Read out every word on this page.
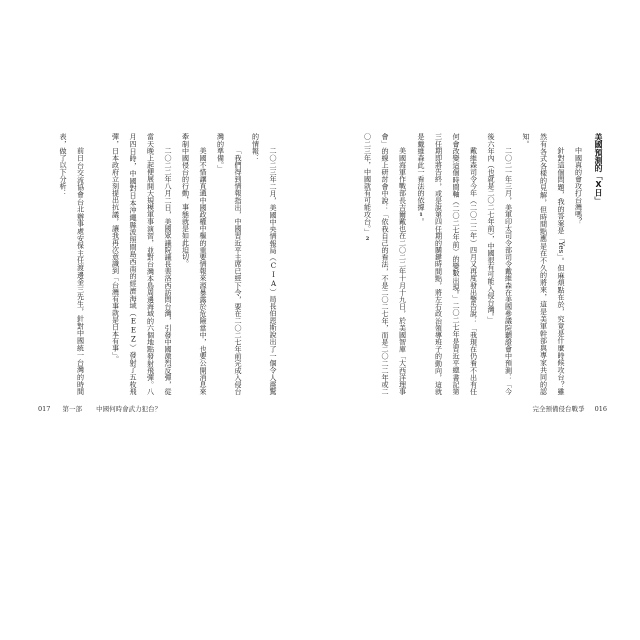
美國預測的「X日」

中國真的會攻打台灣嗎？

針對這個問題，我的答案是「Yes」。但麻煩點在於，究竟是什麼時候攻台？雖然有各式各樣的見解，但時間點應是在不久的將來，這是美軍幹部與專家共同的認知。

二〇二一年三月，美軍印太司令部司令戴維森在美國參議院聽證會中預測：「今後六年內（也就是二〇二七年前），中國很有可能入侵台灣。」

戴維森司令今年（二〇二二年）四月又再度發出警告說：「我現在仍看不出有任何會改變這個時間軸（二〇二七年前）的變數出現。」二〇二七年是習近平總書記第三任期即將告終，或是說第四任期的關鍵時間點，將左右政治領導班子的動向，這就是戴維森此一看法的依據1。

美國海軍作戰部長吉爾戴也在二〇二二年十月十九日，於美國智庫「大西洋理事會」的線上研討會中說：「依我自己的看法，不是二〇二七年，而是二〇二二年或二〇二三年，中國就有可能攻台。」2

二〇二三年二月，美國中央情報局（CIA）局長伯恩斯說出了一個令人震驚的情報：

「我們得到情報指出，中國習近平主席已經下令，要在二〇二七年前完成入侵台灣的準備。」

美國不惜讓直通中國政權中樞的重要情報來源暴露於危險當中，也要公開消息來牽制中國侵台的行動，事態就是如此迫切。

二〇二二年八月二日，美國眾議院議長裴洛西訪問台灣，引發中國激烈反彈，從當天晚上起便展開大規模軍事演習，並對台灣本島周邊海域的六個地點發射飛彈。八月四日時，中國對日本沖繩縣波照間島西南的經濟海域（EEZ）發射了五枚飛彈，日本政府立刻提出抗議，讓我再次意識到「台灣有事就是日本有事」。

前日台交流協會台北辦事處安保主任渡邊金三先生，針對中國統一台灣的時間表，做了以下分析：

017 第一部 中國何時會武力犯台？	完全預備侵台戰爭 016
